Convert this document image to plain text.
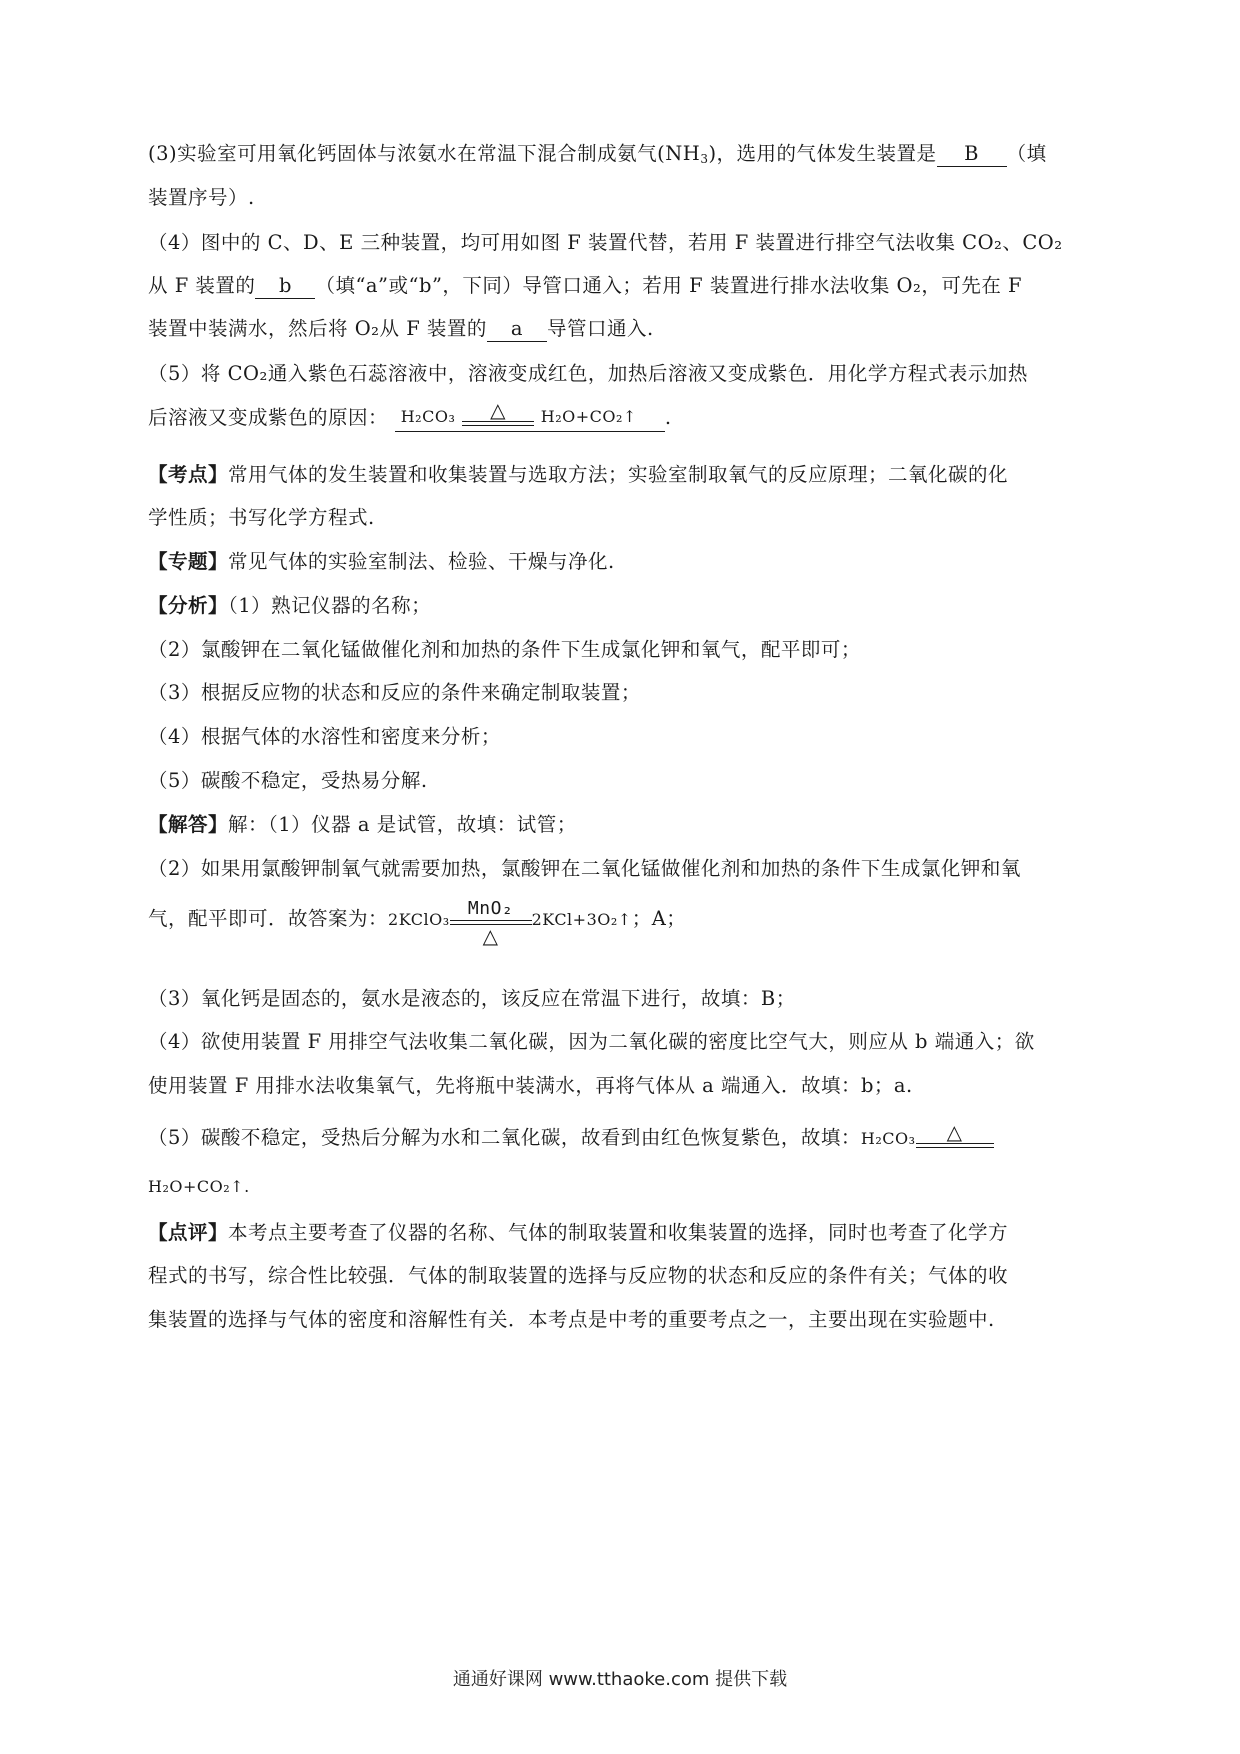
(3)实验室可用氧化钙固体与浓氨水在常温下混合制成氨气$(NH_3)$，选用的气体发生装置是 B （填
装置序号）.
（4）图中的 C、D、E 三种装置，均可用如图 F 装置代替，若用 F 装置进行排空气法收集 CO₂、CO₂
从 F 装置的 b （填“a”或“b”，下同）导管口通入；若用 F 装置进行排水法收集 O₂，可先在 F
装置中装满水，然后将 O₂从 F 装置的 a 导管口通入.
（5）将 CO₂通入紫色石蕊溶液中，溶液变成红色，加热后溶液又变成紫色．用化学方程式表示加热
后溶液又变成紫色的原因： $_{H_2CO_3}$	△	$_{H_2O+CO_2↑}$ .
【考点】常用气体的发生装置和收集装置与选取方法；实验室制取氧气的反应原理；二氧化碳的化
学性质；书写化学方程式.
【专题】常见气体的实验室制法、检验、干燥与净化.
【分析】（1）熟记仪器的名称；
（2）氯酸钾在二氧化锰做催化剂和加热的条件下生成氯化钾和氧气，配平即可；
（3）根据反应物的状态和反应的条件来确定制取装置；
（4）根据气体的水溶性和密度来分析；
（5）碳酸不稳定，受热易分解.
【解答】解：（1）仪器 a 是试管，故填：试管；
（2）如果用氯酸钾制氧气就需要加热，氯酸钾在二氧化锰做催化剂和加热的条件下生成氯化钾和氧
气，配平即可．故答案为：2KClO₃
MnO₂
△
2KCl+3O₂↑；A；
（3）氧化钙是固态的，氨水是液态的，该反应在常温下进行，故填：B；
（4）欲使用装置 F 用排空气法收集二氧化碳，因为二氧化碳的密度比空气大，则应从 b 端通入；欲
使用装置 F 用排水法收集氧气，先将瓶中装满水，再将气体从 a 端通入．故填：b；a.
（5）碳酸不稳定，受热后分解为水和二氧化碳，故看到由红色恢复紫色，故填：$_{H_2CO_3}$	△
H₂O+CO₂↑.
【点评】本考点主要考查了仪器的名称、气体的制取装置和收集装置的选择，同时也考查了化学方
程式的书写，综合性比较强．气体的制取装置的选择与反应物的状态和反应的条件有关；气体的收
集装置的选择与气体的密度和溶解性有关．本考点是中考的重要考点之一，主要出现在实验题中.
通通好课网 www.tthaoke.com 提供下载
